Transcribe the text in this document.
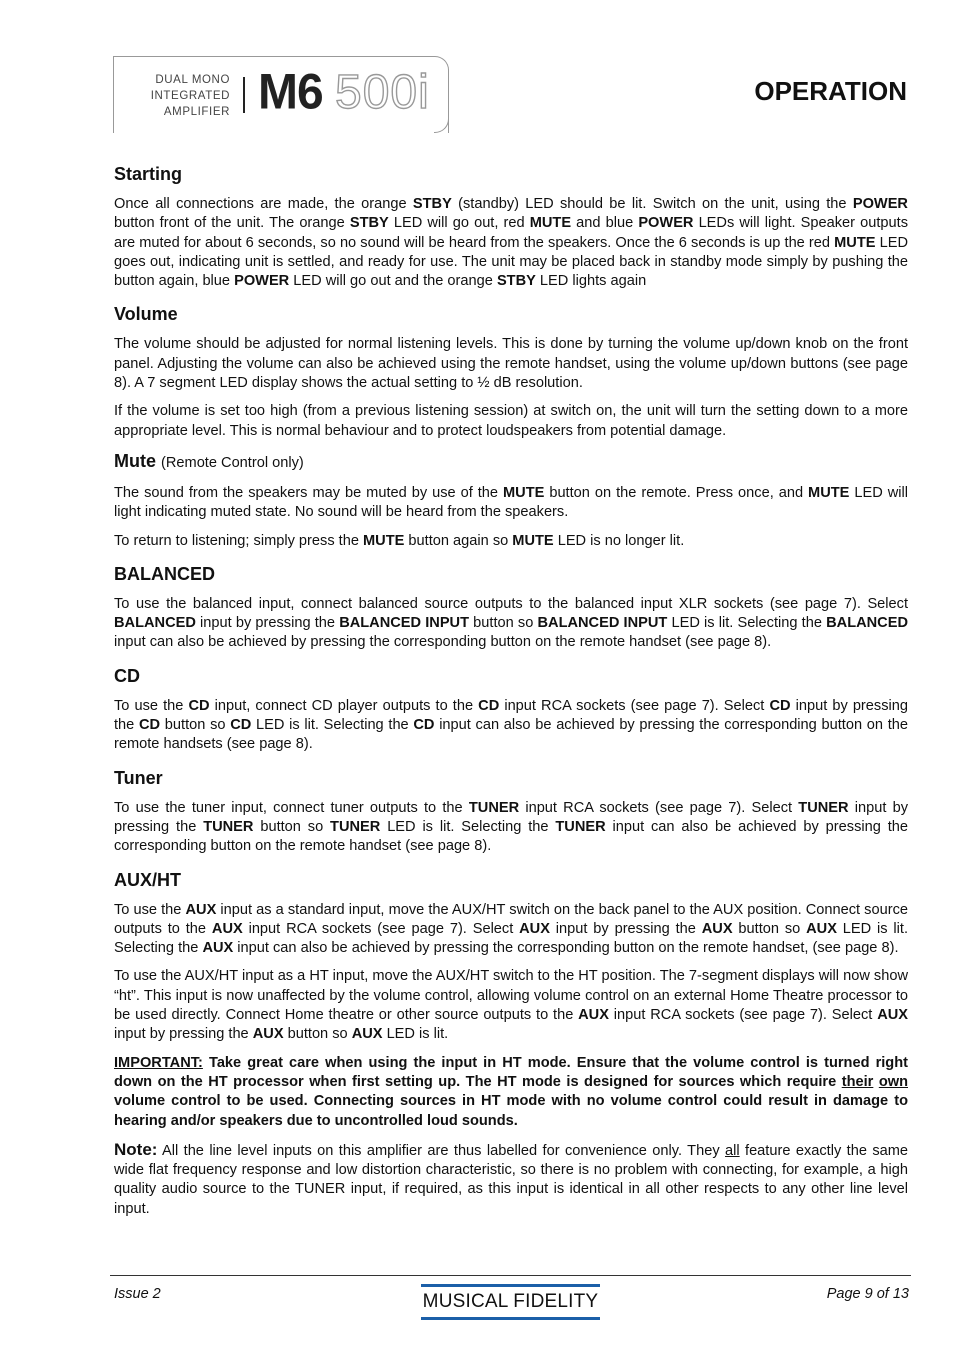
DUAL MONO
INTEGRATED
AMPLIFIER M6 500i	OPERATION
Starting

Once all connections are made, the orange STBY (standby) LED should be lit. Switch on the unit, using the POWER button front of the unit. The orange STBY LED will go out, red MUTE and blue POWER LEDs will light. Speaker outputs are muted for about 6 seconds, so no sound will be heard from the speakers. Once the 6 seconds is up the red MUTE LED goes out, indicating unit is settled, and ready for use. The unit may be placed back in standby mode simply by pushing the button again, blue POWER LED will go out and the orange STBY LED lights again

Volume

The volume should be adjusted for normal listening levels. This is done by turning the volume up/down knob on the front panel. Adjusting the volume can also be achieved using the remote handset, using the volume up/down buttons (see page 8). A 7 segment LED display shows the actual setting to ½ dB resolution.

If the volume is set too high (from a previous listening session) at switch on, the unit will turn the setting down to a more appropriate level. This is normal behaviour and to protect loudspeakers from potential damage.

Mute (Remote Control only)

The sound from the speakers may be muted by use of the MUTE button on the remote. Press once, and MUTE LED will light indicating muted state. No sound will be heard from the speakers.

To return to listening; simply press the MUTE button again so MUTE LED is no longer lit.

BALANCED

To use the balanced input, connect balanced source outputs to the balanced input XLR sockets (see page 7). Select BALANCED input by pressing the BALANCED INPUT button so BALANCED INPUT LED is lit. Selecting the BALANCED input can also be achieved by pressing the corresponding button on the remote handset (see page 8).

CD

To use the CD input, connect CD player outputs to the CD input RCA sockets (see page 7). Select CD input by pressing the CD button so CD LED is lit. Selecting the CD input can also be achieved by pressing the corresponding button on the remote handsets (see page 8).

Tuner

To use the tuner input, connect tuner outputs to the TUNER input RCA sockets (see page 7). Select TUNER input by pressing the TUNER button so TUNER LED is lit. Selecting the TUNER input can also be achieved by pressing the corresponding button on the remote handset (see page 8).

AUX/HT

To use the AUX input as a standard input, move the AUX/HT switch on the back panel to the AUX position. Connect source outputs to the AUX input RCA sockets (see page 7). Select AUX input by pressing the AUX button so AUX LED is lit. Selecting the AUX input can also be achieved by pressing the corresponding button on the remote handset, (see page 8).

To use the AUX/HT input as a HT input, move the AUX/HT switch to the HT position. The 7-segment displays will now show “ht”. This input is now unaffected by the volume control, allowing volume control on an external Home Theatre processor to be used directly. Connect Home theatre or other source outputs to the AUX input RCA sockets (see page 7). Select AUX input by pressing the AUX button so AUX LED is lit.

IMPORTANT: Take great care when using the input in HT mode. Ensure that the volume control is turned right down on the HT processor when first setting up. The HT mode is designed for sources which require their own volume control to be used. Connecting sources in HT mode with no volume control could result in damage to hearing and/or speakers due to uncontrolled loud sounds.

Note: All the line level inputs on this amplifier are thus labelled for convenience only. They all feature exactly the same wide flat frequency response and low distortion characteristic, so there is no problem with connecting, for example, a high quality audio source to the TUNER input, if required, as this input is identical in all other respects to any other line level input.

Issue 2	MUSICAL FIDELITY	Page 9 of 13
